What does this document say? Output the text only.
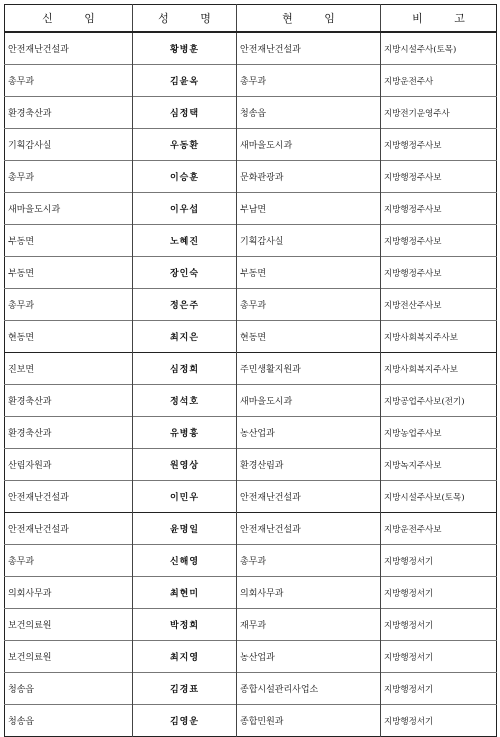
신 임	성 명	현 임	비 고
안전재난건설과	황병훈	안전재난건설과	지방시설주사(토목)
총무과	김윤옥	총무과	지방운전주사
환경축산과	심정택	청송읍	지방전기운영주사
기획감사실	우동환	새마을도시과	지방행정주사보
총무과	이승훈	문화관광과	지방행정주사보
새마을도시과	이우섭	부남면	지방행정주사보
부동면	노혜진	기획감사실	지방행정주사보
부동면	장인숙	부동면	지방행정주사보
총무과	정은주	총무과	지방전산주사보
현동면	최지은	현동면	지방사회복지주사보
진보면	심정희	주민생활지원과	지방사회복지주사보
환경축산과	정석호	새마을도시과	지방공업주사보(전기)
환경축산과	유병흥	농산업과	지방농업주사보
산림자원과	원영상	환경산림과	지방녹지주사보
안전재난건설과	이민우	안전재난건설과	지방시설주사보(토목)
안전재난건설과	윤명일	안전재난건설과	지방운전주사보
총무과	신해영	총무과	지방행정서기
의회사무과	최현미	의회사무과	지방행정서기
보건의료원	박정희	재무과	지방행정서기
보건의료원	최지영	농산업과	지방행정서기
청송읍	김경표	종합시설관리사업소	지방행정서기
청송읍	김영운	종합민원과	지방행정서기
